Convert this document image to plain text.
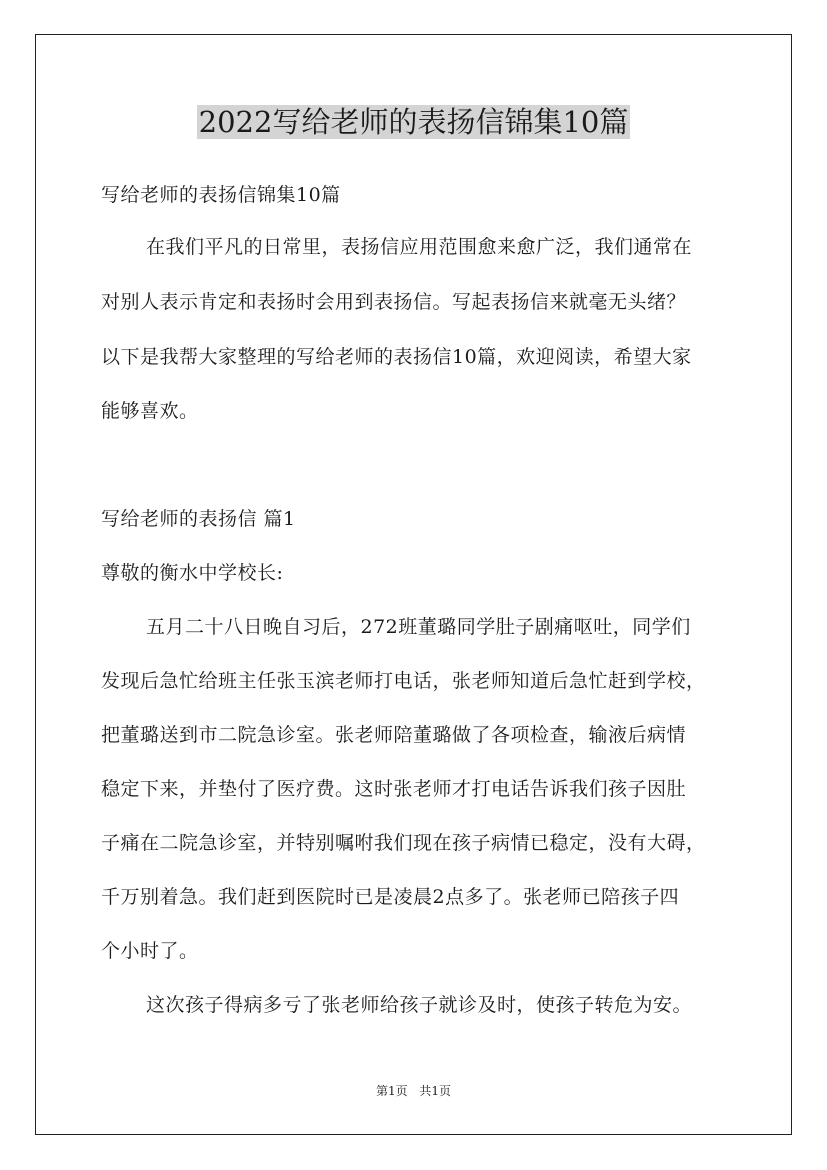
2022写给老师的表扬信锦集10篇
写给老师的表扬信锦集10篇
在我们平凡的日常里，表扬信应用范围愈来愈广泛，我们通常在
对别人表示肯定和表扬时会用到表扬信。写起表扬信来就毫无头绪？
以下是我帮大家整理的写给老师的表扬信10篇，欢迎阅读，希望大家
能够喜欢。
写给老师的表扬信 篇1
尊敬的衡水中学校长:
五月二十八日晚自习后，272班董璐同学肚子剧痛呕吐，同学们
发现后急忙给班主任张玉滨老师打电话，张老师知道后急忙赶到学校，
把董璐送到市二院急诊室。张老师陪董璐做了各项检查，输液后病情
稳定下来，并垫付了医疗费。这时张老师才打电话告诉我们孩子因肚
子痛在二院急诊室，并特别嘱咐我们现在孩子病情已稳定，没有大碍，
千万别着急。我们赶到医院时已是凌晨2点多了。张老师已陪孩子四
个小时了。
这次孩子得病多亏了张老师给孩子就诊及时，使孩子转危为安。
第1页 共1页
